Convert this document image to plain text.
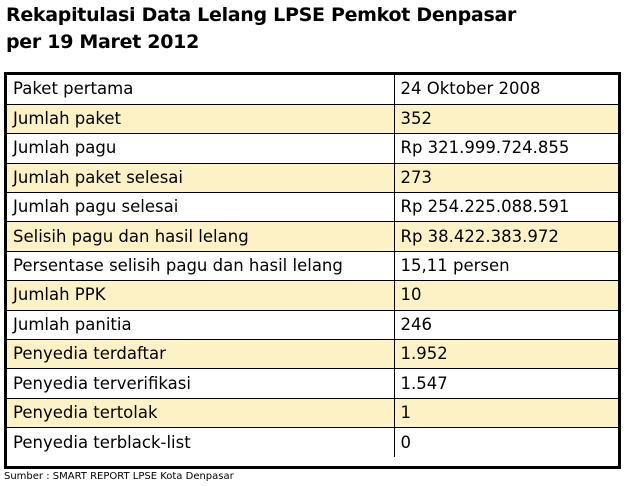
Rekapitulasi Data Lelang LPSE Pemkot Denpasar
per 19 Maret 2012
Paket pertama	24 Oktober 2008
Jumlah paket	352
Jumlah pagu	Rp 321.999.724.855
Jumlah paket selesai	273
Jumlah pagu selesai	Rp 254.225.088.591
Selisih pagu dan hasil lelang	Rp 38.422.383.972
Persentase selisih pagu dan hasil lelang	15,11 persen
Jumlah PPK	10
Jumlah panitia	246
Penyedia terdaftar	1.952
Penyedia terverifikasi	1.547
Penyedia tertolak	1
Penyedia terblack-list	0

Sumber : SMART REPORT LPSE Kota Denpasar
